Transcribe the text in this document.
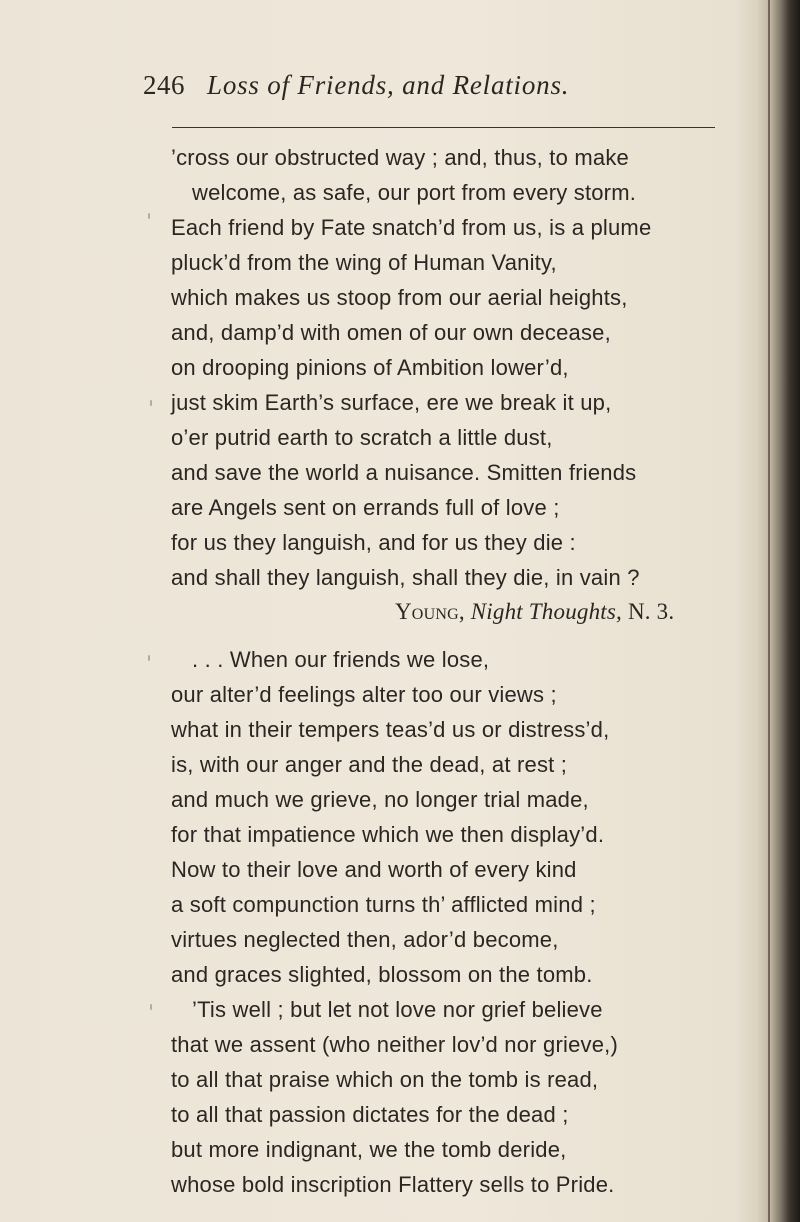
246 Loss of Friends, and Relations.
’cross our obstructed way ; and, thus, to make
welcome, as safe, our port from every storm.
Each friend by Fate snatch’d from us, is a plume
pluck’d from the wing of Human Vanity,
which makes us stoop from our aerial heights,
and, damp’d with omen of our own decease,
on drooping pinions of Ambition lower’d,
just skim Earth’s surface, ere we break it up,
o’er putrid earth to scratch a little dust,
and save the world a nuisance. Smitten friends
are Angels sent on errands full of love ;
for us they languish, and for us they die :
and shall they languish, shall they die, in vain ?
Young, Night Thoughts, N. 3.
. . . When our friends we lose,
our alter’d feelings alter too our views ;
what in their tempers teas’d us or distress’d,
is, with our anger and the dead, at rest ;
and much we grieve, no longer trial made,
for that impatience which we then display’d.
Now to their love and worth of every kind
a soft compunction turns th’ afflicted mind ;
virtues neglected then, ador’d become,
and graces slighted, blossom on the tomb.
’Tis well ; but let not love nor grief believe
that we assent (who neither lov’d nor grieve,)
to all that praise which on the tomb is read,
to all that passion dictates for the dead ;
but more indignant, we the tomb deride,
whose bold inscription Flattery sells to Pride.
